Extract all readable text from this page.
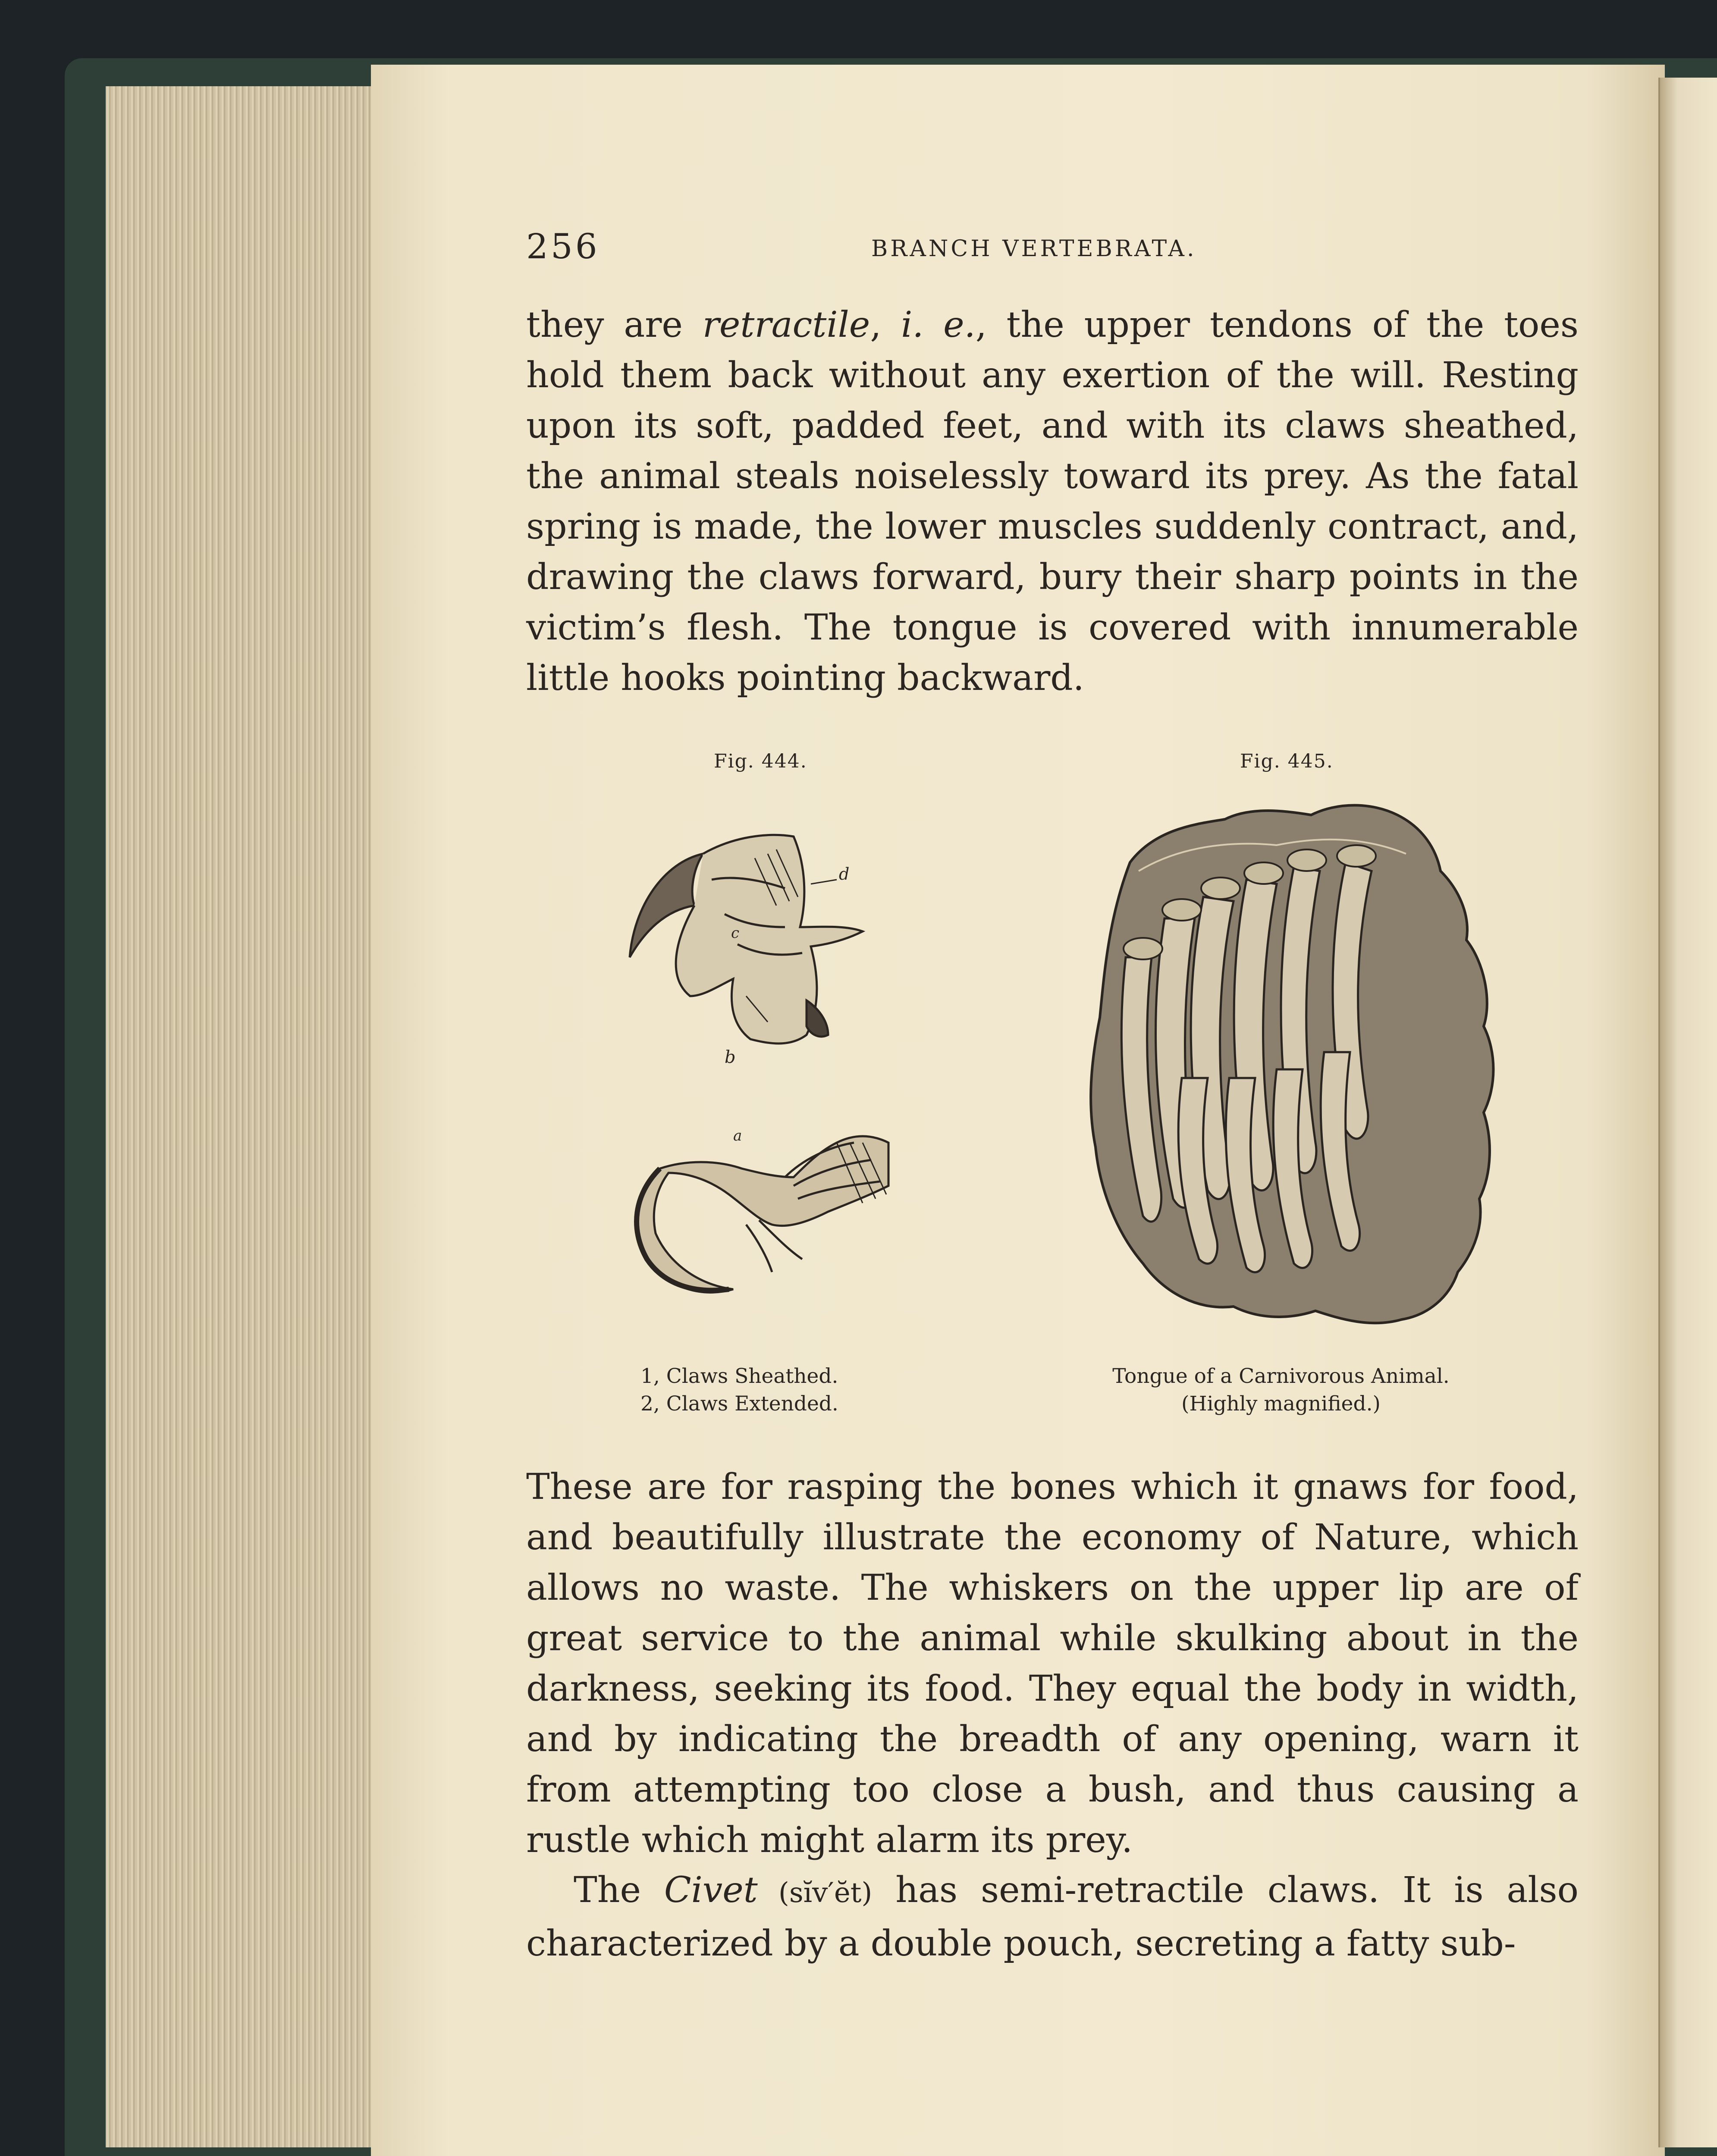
256	BRANCH VERTEBRATA.

they are retractile, i. e., the upper tendons of the toes hold them back without any exertion of the will. Resting upon its soft, padded feet, and with its claws sheathed, the animal steals noiselessly toward its prey. As the fatal spring is made, the lower muscles suddenly contract, and, drawing the claws forward, bury their sharp points in the victim’s flesh. The tongue is covered with innumerable little hooks pointing backward.

Fig. 444.	Fig. 445.
d
c
b
a
1, Claws Sheathed.
2, Claws Extended.
Tongue of a Carnivorous Animal.
(Highly magnified.)

These are for rasping the bones which it gnaws for food, and beautifully illustrate the economy of Nature, which allows no waste. The whiskers on the upper lip are of great service to the animal while skulking about in the darkness, seeking its food. They equal the body in width, and by indicating the breadth of any opening, warn it from attempting too close a bush, and thus causing a rustle which might alarm its prey.

The Civet (sĭv′ĕt) has semi-retractile claws. It is also characterized by a double pouch, secreting a fatty sub-
